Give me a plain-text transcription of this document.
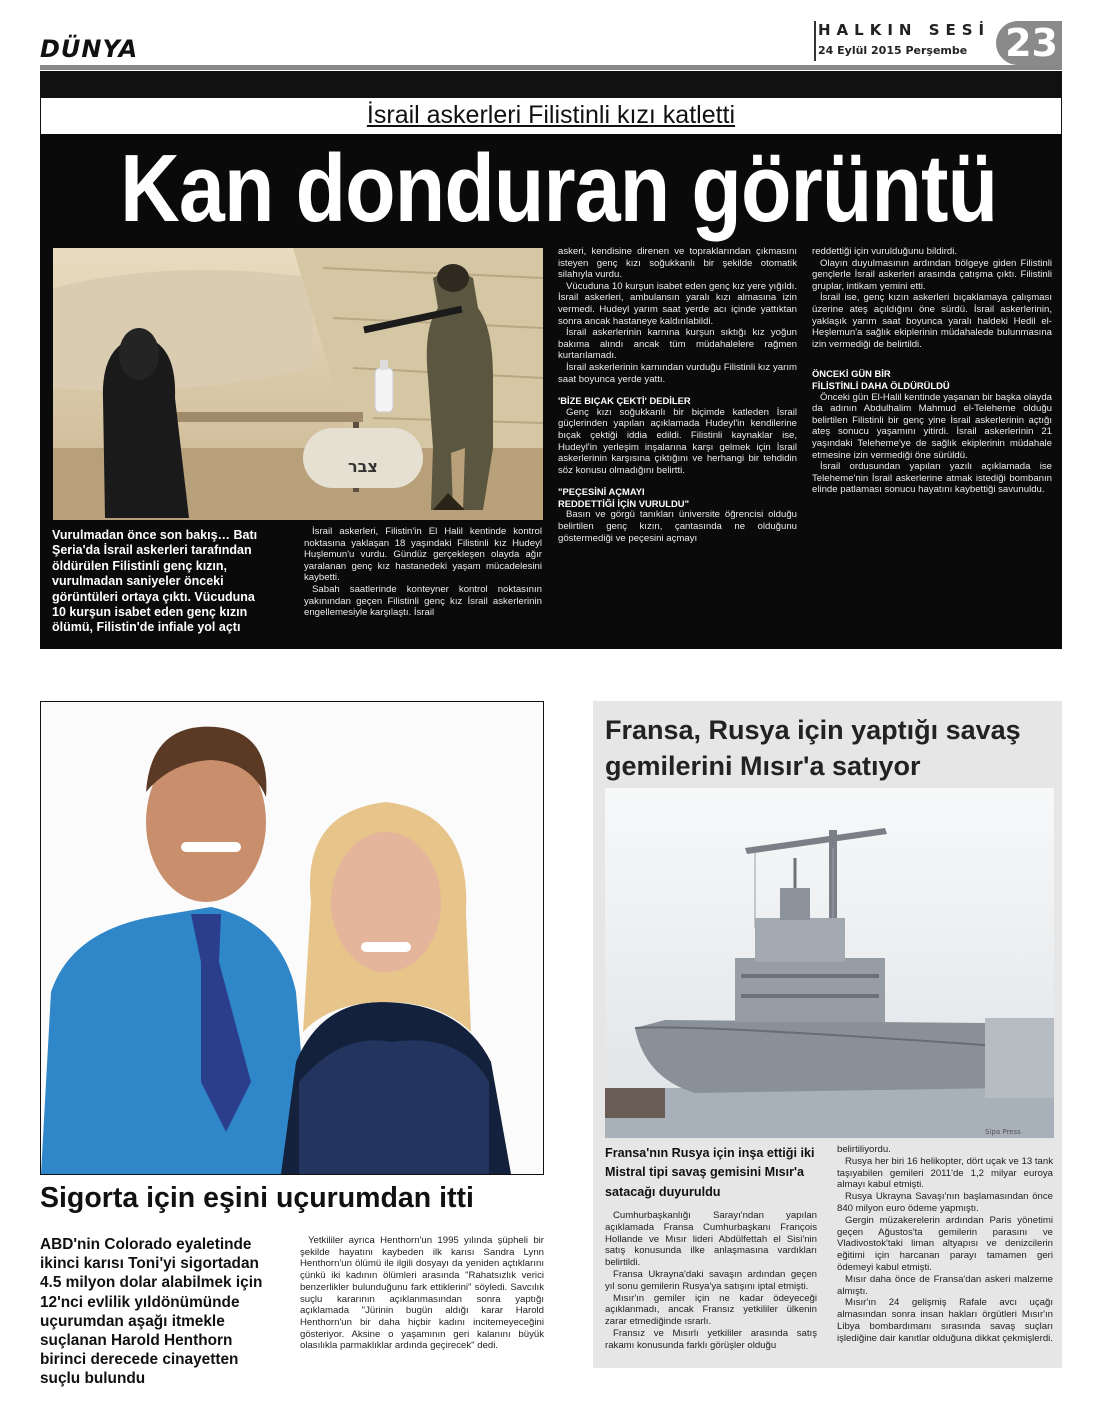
DÜNYA
HALKIN SESİ
24 Eylül 2015 Perşembe 23
İsrail askerleri Filistinli kızı katletti
Kan donduran görüntü
צבר
Vurulmadan önce son bakış… Batı Şeria'da İsrail askerleri tarafından öldürülen Filistinli genç kızın, vurulmadan saniyeler önceki görüntüleri ortaya çıktı. Vücuduna 10 kurşun isabet eden genç kızın ölümü, Filistin'de infiale yol açtı

İsrail askerleri, Filistin'in El Halil kentinde kontrol noktasına yaklaşan 18 yaşındaki Filistinli kız Hudeyl Huşlemun'u vurdu. Gündüz gerçekleşen olayda ağır yaralanan genç kız hastanedeki yaşam mücadelesini kaybetti.

Sabah saatlerinde konteyner kontrol noktasının yakınından geçen Filistinli genç kız İsrail askerlerinin engellemesiyle karşılaştı. İsrail

askeri, kendisine direnen ve topraklarından çıkmasını isteyen genç kızı soğukkanlı bir şekilde otomatik silahıyla vurdu.

Vücuduna 10 kurşun isabet eden genç kız yere yığıldı. İsrail askerleri, ambulansın yaralı kızı almasına izin vermedi. Hudeyl yarım saat yerde acı içinde yattıktan sonra ancak hastaneye kaldırılabildi.

İsrail askerlerinin karnına kurşun sıktığı kız yoğun bakıma alındı ancak tüm müdahalelere rağmen kurtarılamadı.

İsrail askerlerinin karnından vurduğu Filistinli kız yarım saat boyunca yerde yattı.

'BİZE BIÇAK ÇEKTİ' DEDİLER

Genç kızı soğukkanlı bir biçimde katleden İsrail güçlerinden yapılan açıklamada Hudeyl'in kendilerine bıçak çektiği iddia edildi. Filistinli kaynaklar ise, Hudeyl'in yerleşim inşalarına karşı gelmek için İsrail askerlerinin karşısına çıktığını ve herhangi bir tehdidin söz konusu olmadığını belirtti.

"PEÇESİNİ AÇMAYI
REDDETTİĞİ İÇİN VURULDU"

Basın ve görgü tanıkları üniversite öğrencisi olduğu belirtilen genç kızın, çantasında ne olduğunu göstermediği ve peçesini açmayı

reddettiği için vurulduğunu bildirdi.

Olayın duyulmasının ardından bölgeye giden Filistinli gençlerle İsrail askerleri arasında çatışma çıktı. Filistinli gruplar, intikam yemini etti.

İsrail ise, genç kızın askerleri bıçaklamaya çalışması üzerine ateş açıldığını öne sürdü. İsrail askerlerinin, yaklaşık yarım saat boyunca yaralı haldeki Hedil el-Heşlemun'a sağlık ekiplerinin müdahalede bulunmasına izin vermediği de belirtildi.

ÖNCEKİ GÜN BİR
FİLİSTİNLİ DAHA ÖLDÜRÜLDÜ

Önceki gün El-Halil kentinde yaşanan bir başka olayda da adının Abdulhalim Mahmud el-Teleheme olduğu belirtilen Filistinli bir genç yine İsrail askerlerinin açtığı ateş sonucu yaşamını yitirdi. İsrail askerlerinin 21 yaşındaki Teleheme'ye de sağlık ekiplerinin müdahale etmesine izin vermediği öne sürüldü.

İsrail ordusundan yapılan yazılı açıklamada ise Teleheme'nin İsrail askerlerine atmak istediği bombanın elinde patlaması sonucu hayatını kaybettiği savunuldu.

Sigorta için eşini uçurumdan itti
ABD'nin Colorado eyaletinde ikinci karısı Toni'yi sigortadan 4.5 milyon dolar alabilmek için 12'nci evlilik yıldönümünde uçurumdan aşağı itmekle suçlanan Harold Henthorn birinci derecede cinayetten suçlu bulundu

Yetkililer ayrıca Henthorn'un 1995 yılında şüpheli bir şekilde hayatını kaybeden ilk karısı Sandra Lynn Henthorn'un ölümü ile ilgili dosyayı da yeniden açtıklarını çünkü iki kadının ölümleri arasında "Rahatsızlık verici benzerlikler bulunduğunu fark ettiklerini" söyledi. Savcılık suçlu kararının açıklanmasından sonra yaptığı açıklamada "Jürinin bugün aldığı karar Harold Henthorn'un bir daha hiçbir kadını incitemeyeceğini gösteriyor. Aksine o yaşamının geri kalanını büyük olasılıkla parmaklıklar ardında geçirecek" dedi.

Fransa, Rusya için yaptığı savaş gemilerini Mısır'a satıyor
Sipa Press
Fransa'nın Rusya için inşa ettiği iki Mistral tipi savaş gemisini Mısır'a satacağı duyuruldu

Cumhurbaşkanlığı Sarayı'ndan yapılan açıklamada Fransa Cumhurbaşkanı François Hollande ve Mısır lideri Abdülfettah el Sisi'nin satış konusunda ilke anlaşmasına vardıkları belirtildi.

Fransa Ukrayna'daki savaşın ardından geçen yıl sonu gemilerin Rusya'ya satışını iptal etmişti.

Mısır'ın gemiler için ne kadar ödeyeceği açıklanmadı, ancak Fransız yetkililer ülkenin zarar etmediğinde ısrarlı.

Fransız ve Mısırlı yetkililer arasında satış rakamı konusunda farklı görüşler olduğu

belirtiliyordu.

Rusya her biri 16 helikopter, dört uçak ve 13 tank taşıyabilen gemileri 2011'de 1,2 milyar euroya almayı kabul etmişti.

Rusya Ukrayna Savaşı'nın başlamasından önce 840 milyon euro ödeme yapmıştı.

Gergin müzakerelerin ardından Paris yönetimi geçen Ağustos'ta gemilerin parasını ve Vladivostok'taki liman altyapısı ve denizcilerin eğitimi için harcanan parayı tamamen geri ödemeyi kabul etmişti.

Mısır daha önce de Fransa'dan askeri malzeme almıştı.

Mısır'ın 24 gelişmiş Rafale avcı uçağı almasından sonra insan hakları örgütleri Mısır'ın Libya bombardımanı sırasında savaş suçları işlediğine dair kanıtlar olduğuna dikkat çekmişlerdi.
